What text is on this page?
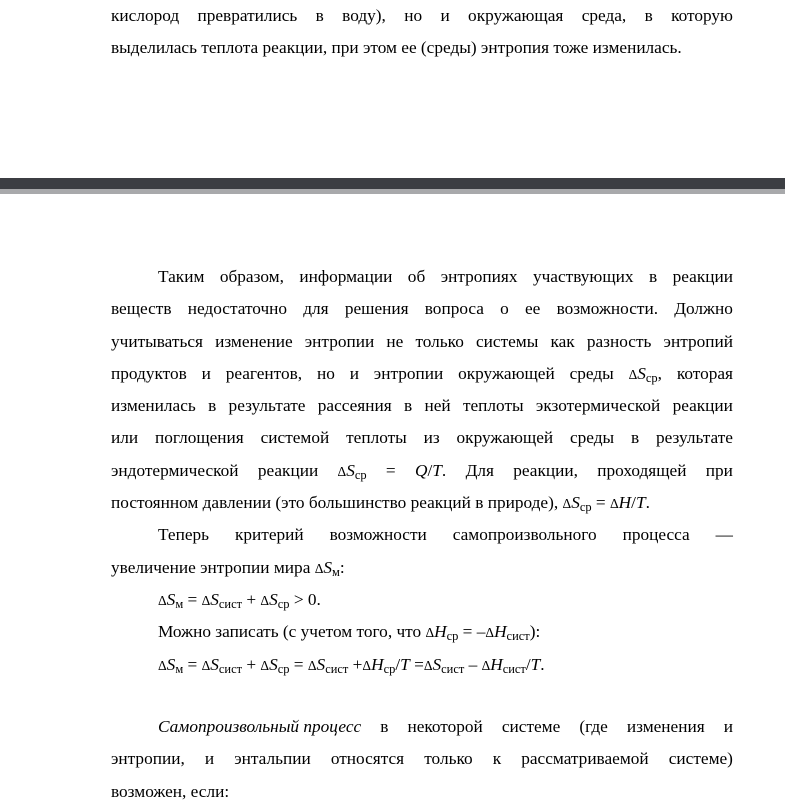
кислород превратились в воду), но и окружающая среда, в которую
выделилась теплота реакции, при этом ее (среды) энтропия тоже изменилась.
Таким образом, информации об энтропиях участвующих в реакции
веществ недостаточно для решения вопроса о ее возможности. Должно
учитываться изменение энтропии не только системы как разность энтропий
продуктов и реагентов, но и энтропии окружающей среды $\Delta S_{ср}$, которая
изменилась в результате рассеяния в ней теплоты экзотермической реакции
или поглощения системой теплоты из окружающей среды в результате
эндотермической реакции $\Delta S_{ср} = Q/T$. Для реакции, проходящей при
постоянном давлении (это большинство реакций в природе), $\Delta S_{ср} = \Delta H/T$.
Теперь критерий возможности самопроизвольного процесса —
увеличение энтропии мира $\Delta S_м$:
$\Delta S_м = \Delta S_{сист} + \Delta S_{ср} > 0$.
Можно записать (с учетом того, что $\Delta H_{ср} = -\Delta H_{сист}$):
$\Delta S_м = \Delta S_{сист} + \Delta S_{ср} = \Delta S_{сист} +\Delta H_{ср}/T =\Delta S_{сист} - \Delta H_{сист}/T$.
Самопроизвольный процесс в некоторой системе (где изменения и
энтропии, и энтальпии относятся только к рассматриваемой системе)
возможен, если:
